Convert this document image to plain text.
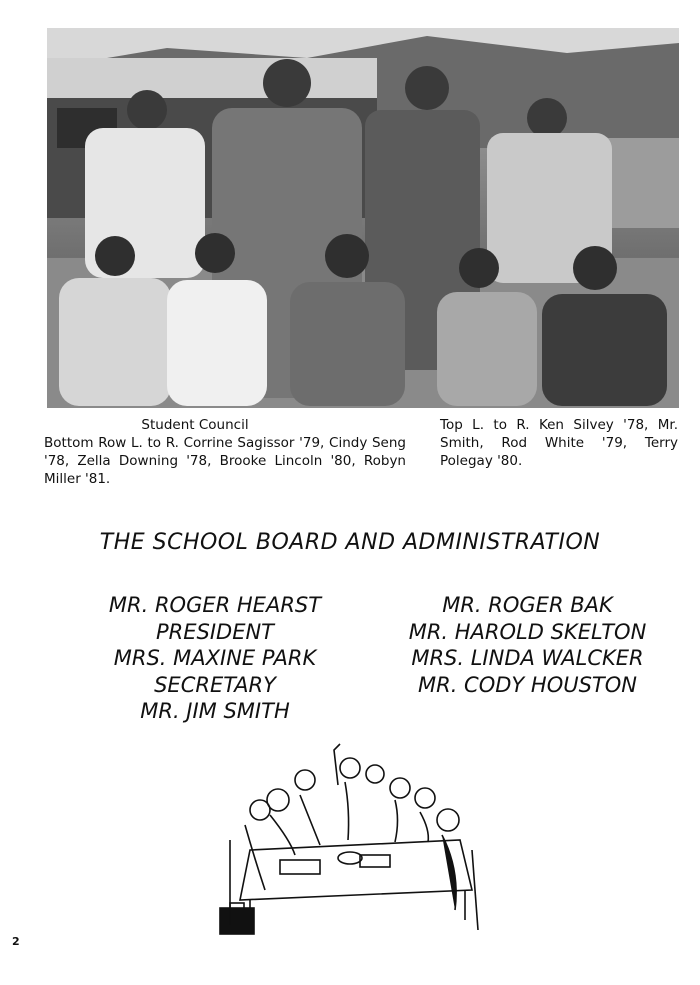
Student Council
Bottom Row L. to R. Corrine Sagissor '79, Cindy Seng '78, Zella Downing '78, Brooke Lincoln '80, Robyn Miller '81.
Top L. to R. Ken Silvey '78, Mr. Smith, Rod White '79, Terry Polegay '80.
THE SCHOOL BOARD AND ADMINISTRATION
MR. ROGER HEARST
PRESIDENT
MRS. MAXINE PARK
SECRETARY
MR. JIM SMITH
MR. ROGER BAK
MR. HAROLD SKELTON
MRS. LINDA WALCKER
MR. CODY HOUSTON
2
